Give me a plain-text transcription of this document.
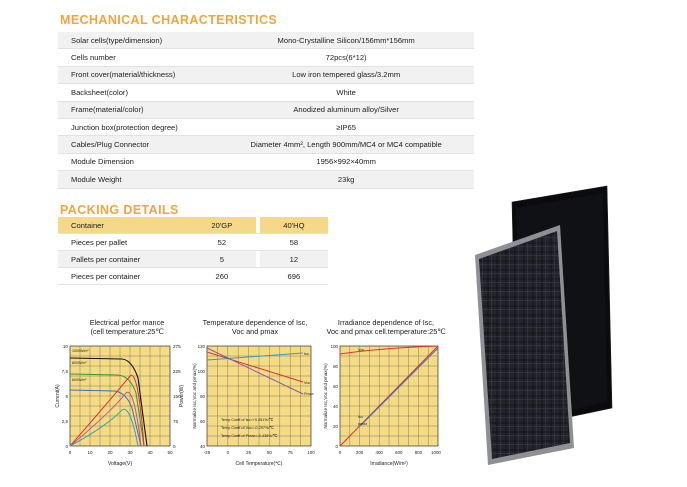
MECHANICAL CHARACTERISTICS
Solar cells(type/dimension)	Mono-Crystalline Silicon/156mm*156mm
Cells number	72pcs(6*12)
Front cover(material/thickness)	Low iron tempered glass/3.2mm
Backsheet(color)	White
Frame(material/color)	Anodized aluminum alloy/Silver
Junction box(protection degree)	≥IP65
Cables/Plug Connector	Diameter 4mm², Length 900mm/MC4 or MC4 compatible
Module Dimension	1956×992×40mm
Module Weight	23kg
PACKING DETAILS
Container	20'GP		40'HQ
Pieces per pallet	52		58
Pallets per container	5		12
Pieces per container	260		696
Electrical perfor mance
(cell temperature:25℃
1000W/m²
800W/m²
600W/m²
0
2,5
5
7,5
10
0
75
150
225
275
0	10	20	30	40	50
Voltage(V)
Current(A)	Power(W)
Temperature dependence of Isc,
Voc and pmax
Isc
Voc
Pmax
Temp.Coeff.of Isc=+0.051%/℃
Temp.Coeff.of Voc=-0.297%/℃
Temp.Coeff.of Pmax=-0.436%/℃
40
60
80
100
120
-25	0	25	50	75	100
Cell Temperature(℃)
Normalize Isc,Voc and pmax(%)
Irradiance dependence of Isc,
Voc and pmax cell.temperature:25℃
Voc
Isc
pmax
0
20
40
60
80
100
0	200	400	600	800 1000
Irradiance(W/m²)
Normalize Isc,Voc and pmax(%)
